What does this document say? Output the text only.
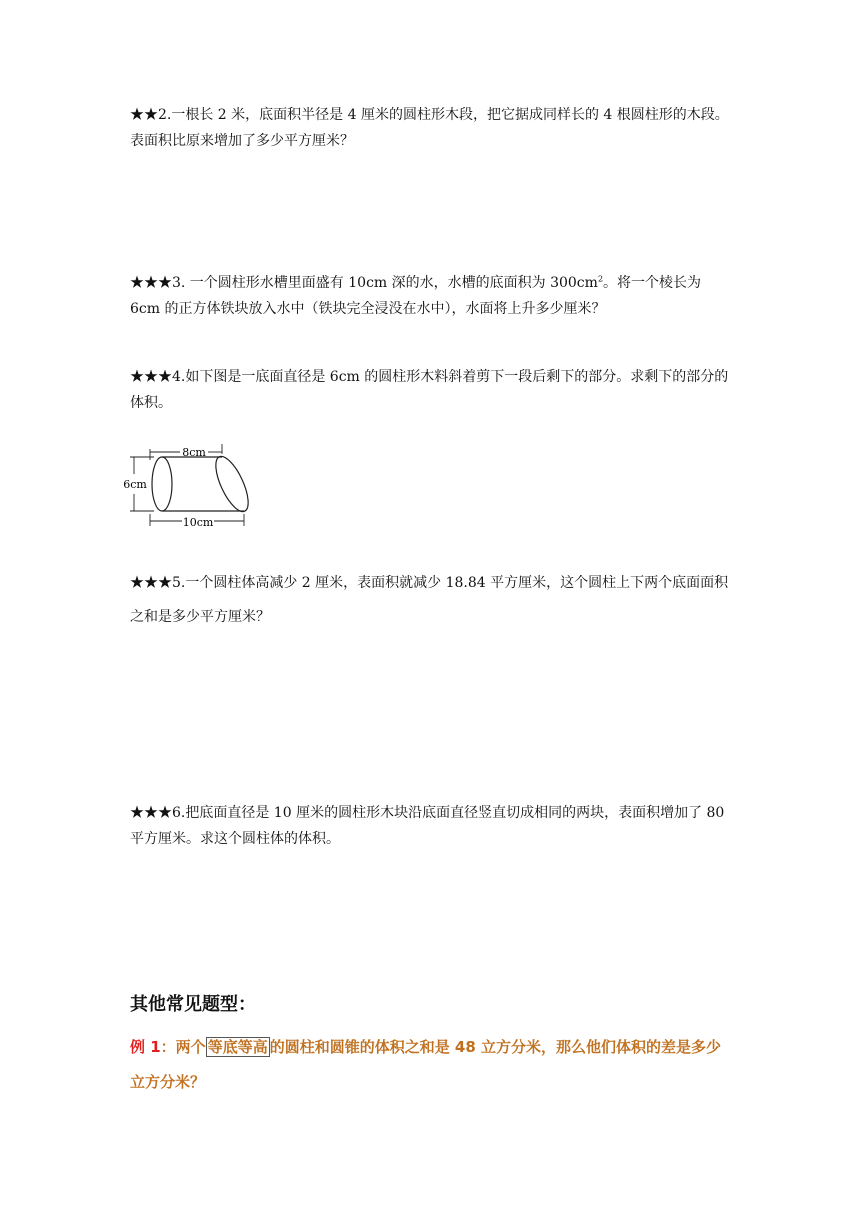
★★2.一根长 2 米，底面积半径是 4 厘米的圆柱形木段，把它据成同样长的 4 根圆柱形的木段。表面积比原来增加了多少平方厘米？

★★★3. 一个圆柱形水槽里面盛有 10cm 深的水，水槽的底面积为 $300cm^2$。将一个棱长为 6cm 的正方体铁块放入水中（铁块完全浸没在水中），水面将上升多少厘米？

★★★4.如下图是一底面直径是 6cm 的圆柱形木料斜着剪下一段后剩下的部分。求剩下的部分的体积。

8cm
6cm
10cm

★★★5.一个圆柱体高减少 2 厘米，表面积就减少 18.84 平方厘米，这个圆柱上下两个底面面积之和是多少平方厘米？

★★★6.把底面直径是 10 厘米的圆柱形木块沿底面直径竖直切成相同的两块，表面积增加了 80 平方厘米。求这个圆柱体的体积。

其他常见题型：

例 1：两个 等底等高 的圆柱和圆锥的体积之和是 48 立方分米，那么他们体积的差是多少立方分米？
